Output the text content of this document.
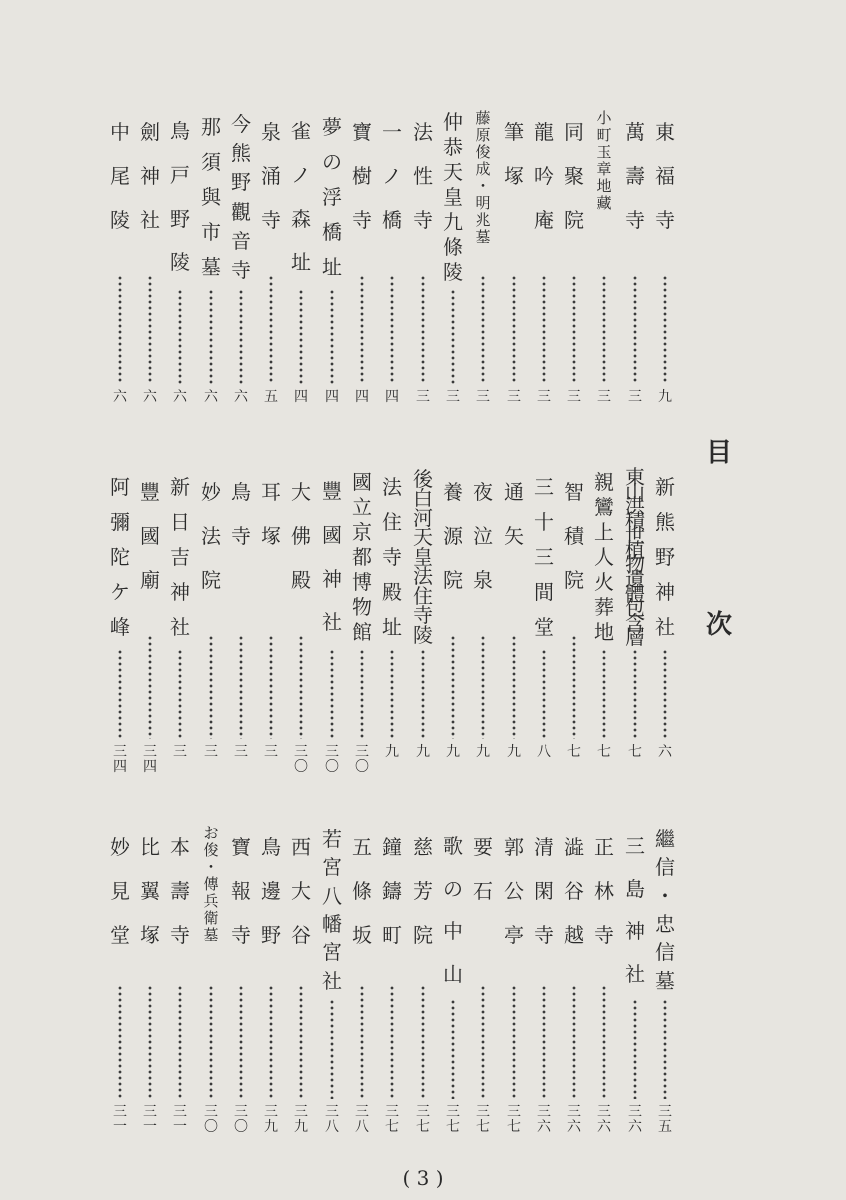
目
次
東
福
寺
九
萬
壽
寺
三
小
町
玉
章
地
藏
三
同
聚
院
三
龍
吟
庵
三
筆
塚
三
藤
原
俊
成
・
明
兆
墓
三
仲
恭
天
皇
九
條
陵
三
法
性
寺
三
一
ノ
橋
四
寶
樹
寺
四
夢
の
浮
橋
址
四
雀
ノ
森
址
四
泉
涌
寺
五
今
熊
野
觀
音
寺
六
那
須
與
市
墓
六
鳥
戸
野
陵
六
劍
神
社
六
中
尾
陵
六
新
熊
野
神
社
六
東
山
洪
積
世
植
物
遺
體
包
含
層
七
親
鸞
上
人
火
葬
地
七
智
積
院
七
三
十
三
間
堂
八
通
矢
九
夜
泣
泉
九
養
源
院
九
後
白
河
天
皇
法
住
寺
陵
九
法
住
寺
殿
址
九
國
立
京
都
博
物
館
三
〇
豐
國
神
社
三
〇
大
佛
殿
三
〇
耳
塚
三
鳥
寺
三
妙
法
院
三
新
日
吉
神
社
三
豐
國
廟
三
四
阿
彌
陀
ケ
峰
三
四
繼
信
・
忠
信
墓
三
五
三
島
神
社
三
六
正
林
寺
三
六
澁
谷
越
三
六
清
閑
寺
三
六
郭
公
亭
三
七
要
石
三
七
歌
の
中
山
三
七
慈
芳
院
三
七
鐘
鑄
町
三
七
五
條
坂
三
八
若
宮
八
幡
宮
社
三
八
西
大
谷
三
九
鳥
邊
野
三
九
寶
報
寺
三
〇
お
俊
・
傳
兵
衛
墓
三
〇
本
壽
寺
三
一
比
翼
塚
三
一
妙
見
堂
三
一
( 3 )
